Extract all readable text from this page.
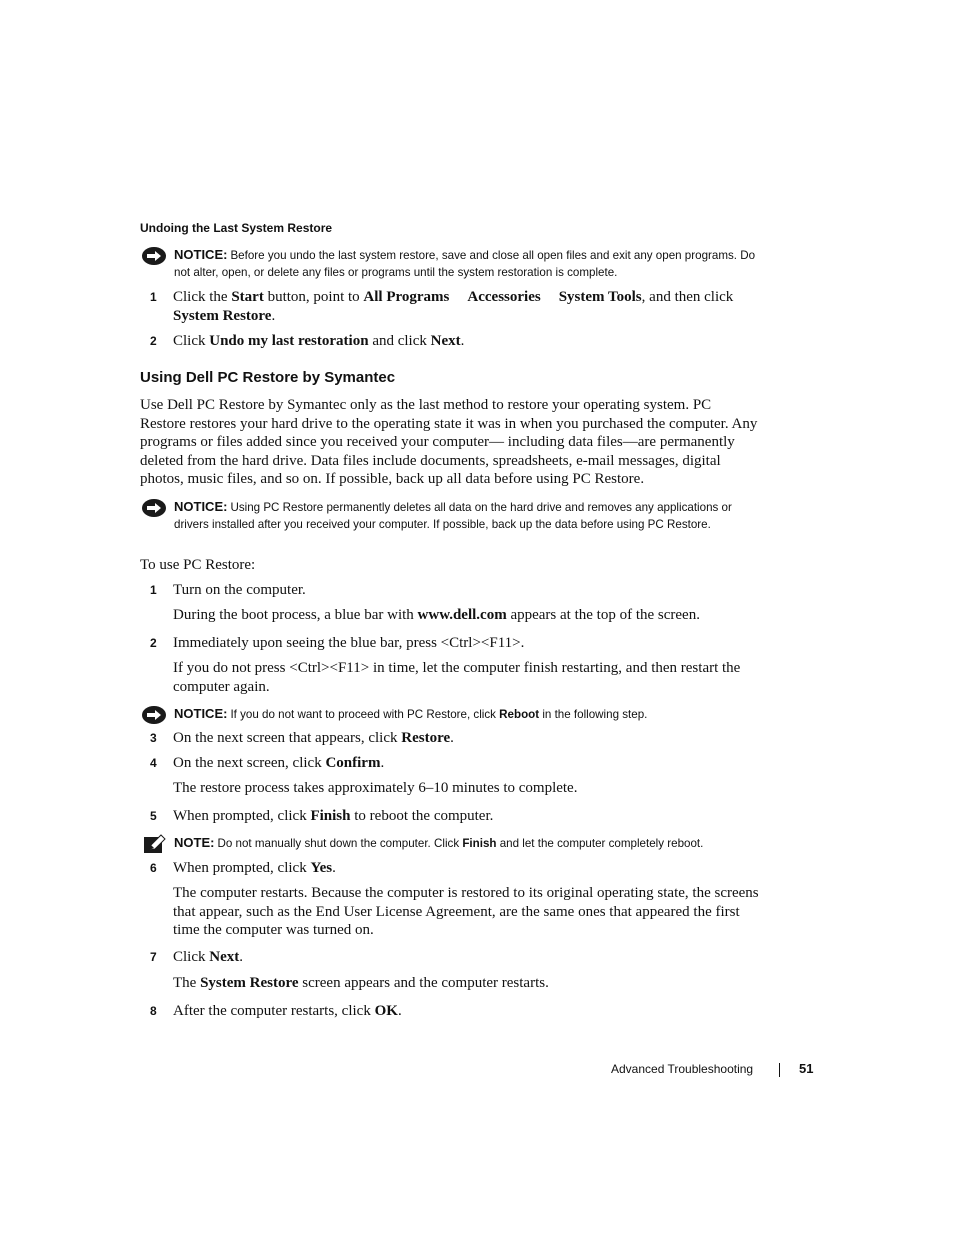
Undoing the Last System Restore
NOTICE: Before you undo the last system restore, save and close all open files and exit any open programs. Do not alter, open, or delete any files or programs until the system restoration is complete.
1 Click the Start button, point to All Programs Accessories System Tools, and then click
System Restore.
2 Click Undo my last restoration and click Next.
Using Dell PC Restore by Symantec
Use Dell PC Restore by Symantec only as the last method to restore your operating system. PC Restore restores your hard drive to the operating state it was in when you purchased the computer. Any programs or files added since you received your computer— including data files—are permanently deleted from the hard drive. Data files include documents, spreadsheets, e-mail messages, digital photos, music files, and so on. If possible, back up all data before using PC Restore.
NOTICE: Using PC Restore permanently deletes all data on the hard drive and removes any applications or drivers installed after you received your computer. If possible, back up the data before using PC Restore.
To use PC Restore:
1 Turn on the computer.
During the boot process, a blue bar with www.dell.com appears at the top of the screen.
2 Immediately upon seeing the blue bar, press <Ctrl><F11>.
If you do not press <Ctrl><F11> in time, let the computer finish restarting, and then restart the computer again.
NOTICE: If you do not want to proceed with PC Restore, click Reboot in the following step.
3 On the next screen that appears, click Restore.
4 On the next screen, click Confirm.
The restore process takes approximately 6–10 minutes to complete.
5 When prompted, click Finish to reboot the computer.
NOTE: Do not manually shut down the computer. Click Finish and let the computer completely reboot.
6 When prompted, click Yes.
The computer restarts. Because the computer is restored to its original operating state, the screens that appear, such as the End User License Agreement, are the same ones that appeared the first time the computer was turned on.
7 Click Next.
The System Restore screen appears and the computer restarts.
8 After the computer restarts, click OK.
Advanced Troubleshooting	51
